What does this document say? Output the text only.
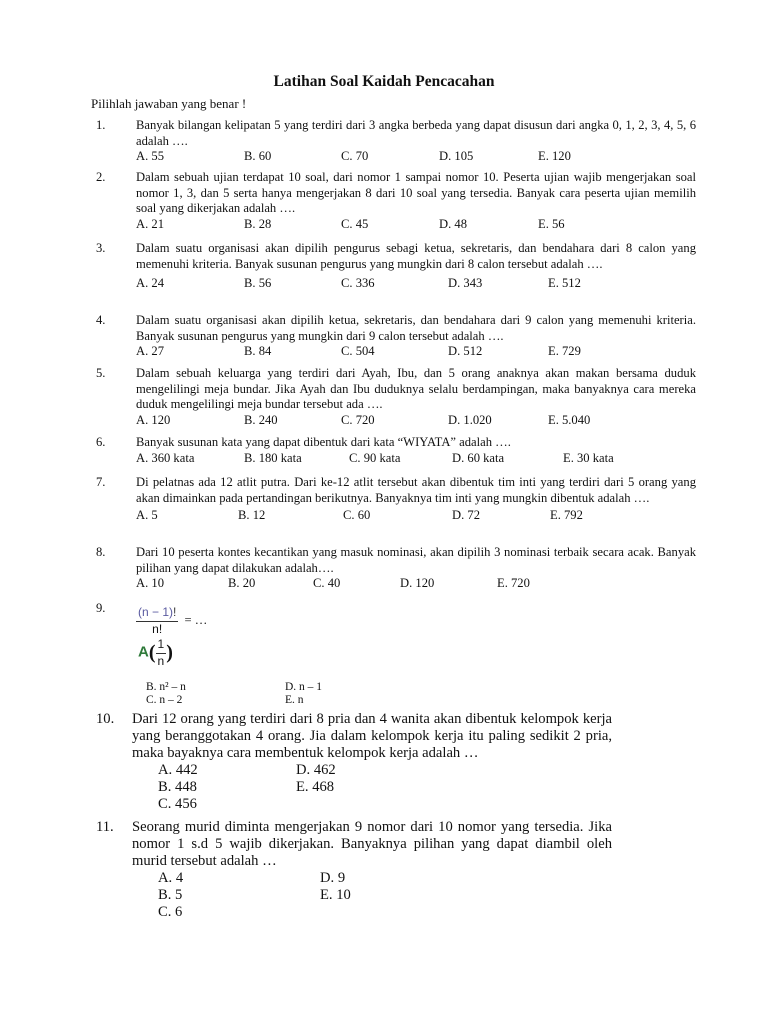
Latihan Soal Kaidah Pencacahan
Pilihlah jawaban yang benar !
1. Banyak bilangan kelipatan 5 yang terdiri dari 3 angka berbeda yang dapat disusun dari angka 0, 1, 2, 3, 4, 5, 6 adalah ….
A. 55	B. 60	C. 70	D. 105	E. 120
2. Dalam sebuah ujian terdapat 10 soal, dari nomor 1 sampai nomor 10. Peserta ujian wajib mengerjakan soal nomor 1, 3, dan 5 serta hanya mengerjakan 8 dari 10 soal yang tersedia. Banyak cara peserta ujian memilih soal yang dikerjakan adalah ….
A. 21	B. 28	C. 45	D. 48	E. 56
3. Dalam suatu organisasi akan dipilih pengurus sebagi ketua, sekretaris, dan bendahara dari 8 calon yang memenuhi kriteria. Banyak susunan pengurus yang mungkin dari 8 calon tersebut adalah ….
A. 24	B. 56	C. 336	D. 343	E. 512
4. Dalam suatu organisasi akan dipilih ketua, sekretaris, dan bendahara dari 9 calon yang memenuhi kriteria. Banyak susunan pengurus yang mungkin dari 9 calon tersebut adalah ….
A. 27	B. 84	C. 504	D. 512	E. 729
5. Dalam sebuah keluarga yang terdiri dari Ayah, Ibu, dan 5 orang anaknya akan makan bersama duduk mengelilingi meja bundar. Jika Ayah dan Ibu duduknya selalu berdampingan, maka banyaknya cara mereka duduk mengelilingi meja bundar tersebut ada ….
A. 120	B. 240	C. 720	D. 1.020	E. 5.040
6. Banyak susunan kata yang dapat dibentuk dari kata “WIYATA” adalah ….
A. 360 kata	B. 180 kata	C. 90 kata	D. 60 kata	E. 30 kata
7. Di pelatnas ada 12 atlit putra. Dari ke-12 atlit tersebut akan dibentuk tim inti yang terdiri dari 5 orang yang akan dimainkan pada pertandingan berikutnya. Banyaknya tim inti yang mungkin dibentuk adalah ….
A. 5	B. 12	C. 60	D. 72	E. 792
8. Dari 10 peserta kontes kecantikan yang masuk nominasi, akan dipilih 3 nominasi terbaik secara acak. Banyak pilihan yang dapat dilakukan adalah….
A. 10	B. 20	C. 40	D. 120	E. 720
9.	$\frac{(n - 1)!}{n!}$ = …
$A( \frac{1}{n}$ )
B. n² – n
C. n – 2
D. n – 1
E. n
10. Dari 12 orang yang terdiri dari 8 pria dan 4 wanita akan dibentuk kelompok kerja yang beranggotakan 4 orang. Jia dalam kelompok kerja itu paling sedikit 2 pria, maka bayaknya cara membentuk kelompok kerja adalah …
A. 442
B. 448
C. 456
D. 462
E. 468
11. Seorang murid diminta mengerjakan 9 nomor dari 10 nomor yang tersedia. Jika nomor 1 s.d 5 wajib dikerjakan. Banyaknya pilihan yang dapat diambil oleh murid tersebut adalah …
A. 4
B. 5
C. 6
D. 9
E. 10
